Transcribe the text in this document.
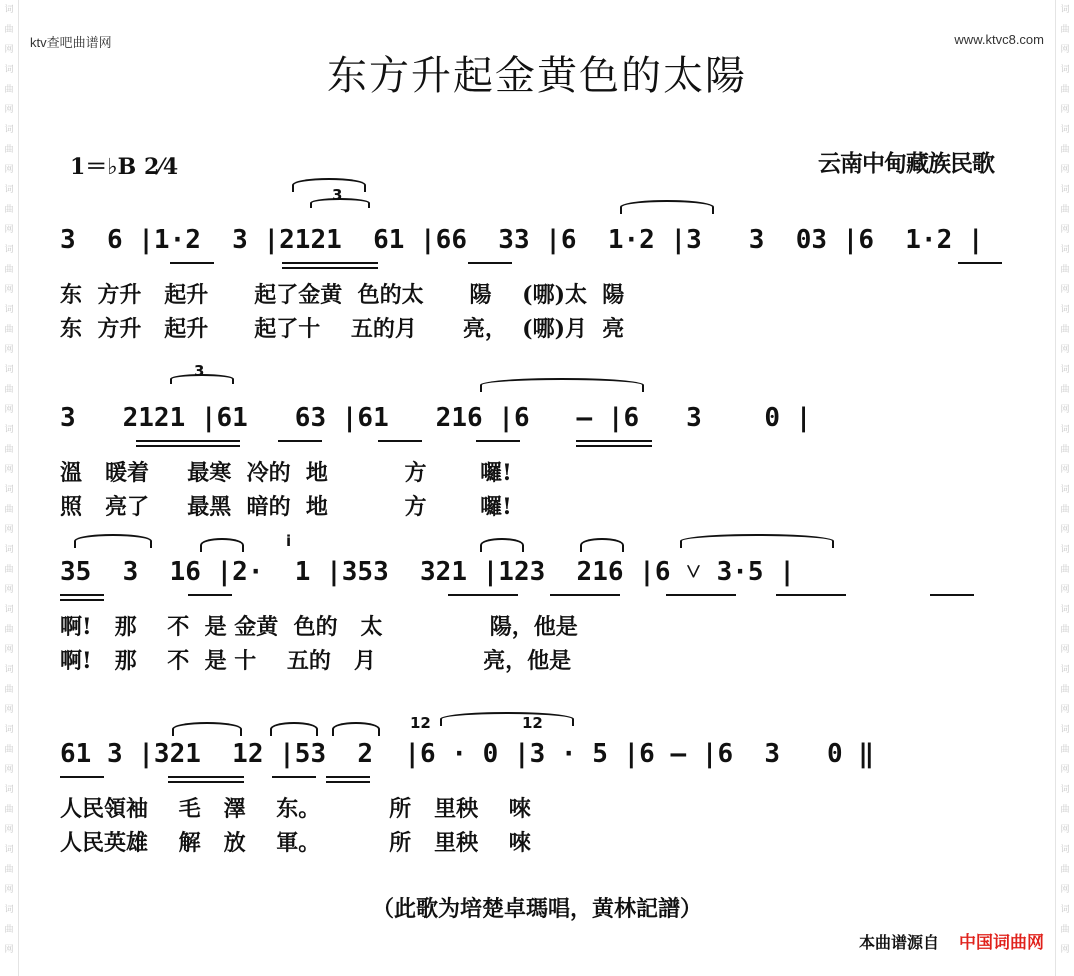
词
曲
网
词
曲
网
词
曲
网
词
曲
网
词
曲
网
词
曲
网
词
曲
网
词
曲
网
词
曲
网
词
曲
网
词
曲
网
词
曲
网
词
曲
网
词
曲
网
词
曲
网
词
曲
网
词
曲
网
词
曲
网
词
曲
网
词
曲
网
词
曲
网
词
曲
网
词
曲
网
词
曲
网
词
曲
网
词
曲
网
词
曲
网
词
曲
网
词
曲
网
词
曲
网
词
曲
网
词
曲
网
ktv查吧曲谱网	www.ktvc8.com
东方升起金黄色的太陽
1＝♭B 2⁄4	云南中甸藏族民歌
3  6 |1·2  3 |2121  61 |66  33 |6  1·2 |3   3  03 |6  1·2 |
3
东  方升   起升      起了金黄  色的太      陽    (哪)太  陽
东  方升   起升      起了十    五的月      亮，  (哪)月  亮
3   2121 |61   63 |61   216 |6   — |6   3    0 |
3
溫   暖着     最寒  冷的  地          方       囉!
照   亮了     最黑  暗的  地          方       囉!
35  3  16 |2·  1 |353  321 |123  216 |6 ˅ 3·5 |
i
啊!   那    不  是 金黄  色的   太              陽，他是
啊!   那    不  是 十    五的   月              亮，他是
61 3 |321  12 |53  2  |6 · 0 |3 · 5 |6 — |6  3   0 ‖
12	12
人民領袖    毛   澤    东。         所   里秧    唻
人民英雄    解   放    軍。         所   里秧    唻
（此歌为培楚卓瑪唱，黄林記譜）
本曲谱源自 中国词曲网
